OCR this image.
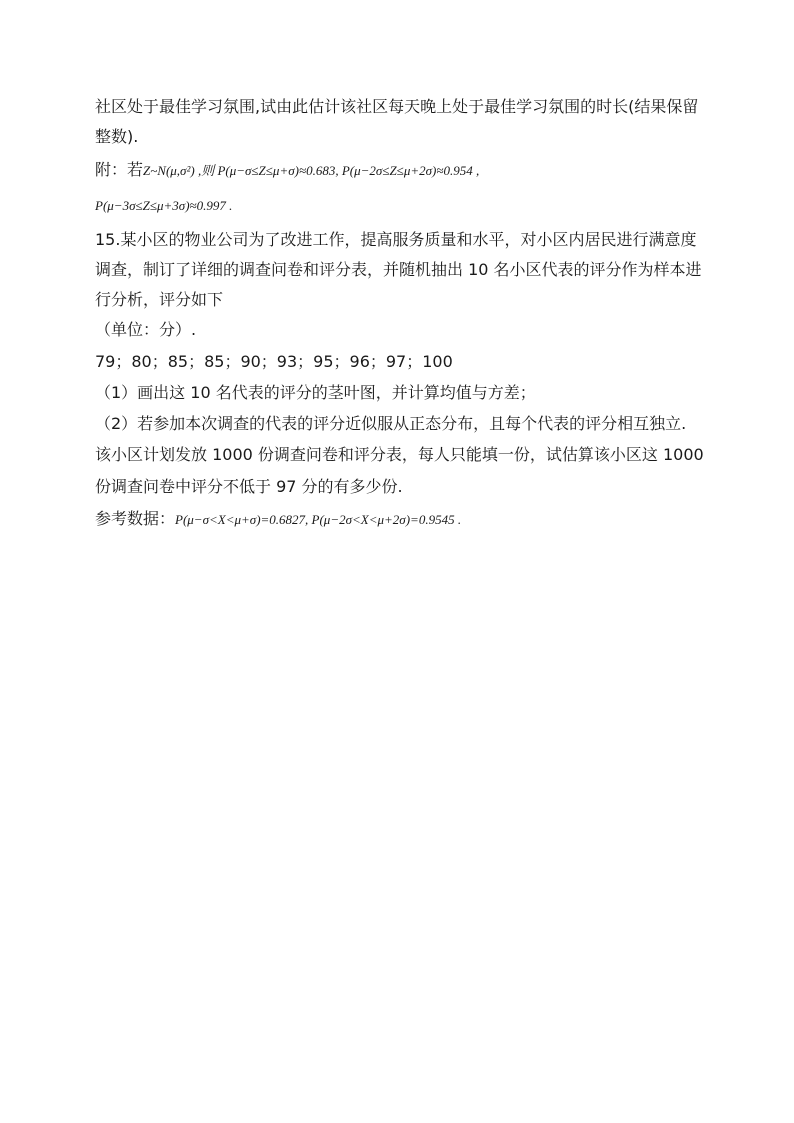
社区处于最佳学习氛围,试由此估计该社区每天晚上处于最佳学习氛围的时长(结果保留
整数).
附：若Z~N(μ,σ²) ,则 P(μ−σ≤Z≤μ+σ)≈0.683, P(μ−2σ≤Z≤μ+2σ)≈0.954 ,
P(μ−3σ≤Z≤μ+3σ)≈0.997 .
15.某小区的物业公司为了改进工作，提高服务质量和水平，对小区内居民进行满意度
调查，制订了详细的调查问卷和评分表，并随机抽出 10 名小区代表的评分作为样本进
行分析，评分如下
（单位：分）.
79；80；85；85；90；93；95；96；97；100
（1）画出这 10 名代表的评分的茎叶图，并计算均值与方差；
（2）若参加本次调查的代表的评分近似服从正态分布，且每个代表的评分相互独立.
该小区计划发放 1000 份调查问卷和评分表，每人只能填一份，试估算该小区这 1000
份调查问卷中评分不低于 97 分的有多少份.
参考数据：P(μ−σ<X<μ+σ)=0.6827, P(μ−2σ<X<μ+2σ)=0.9545 .
